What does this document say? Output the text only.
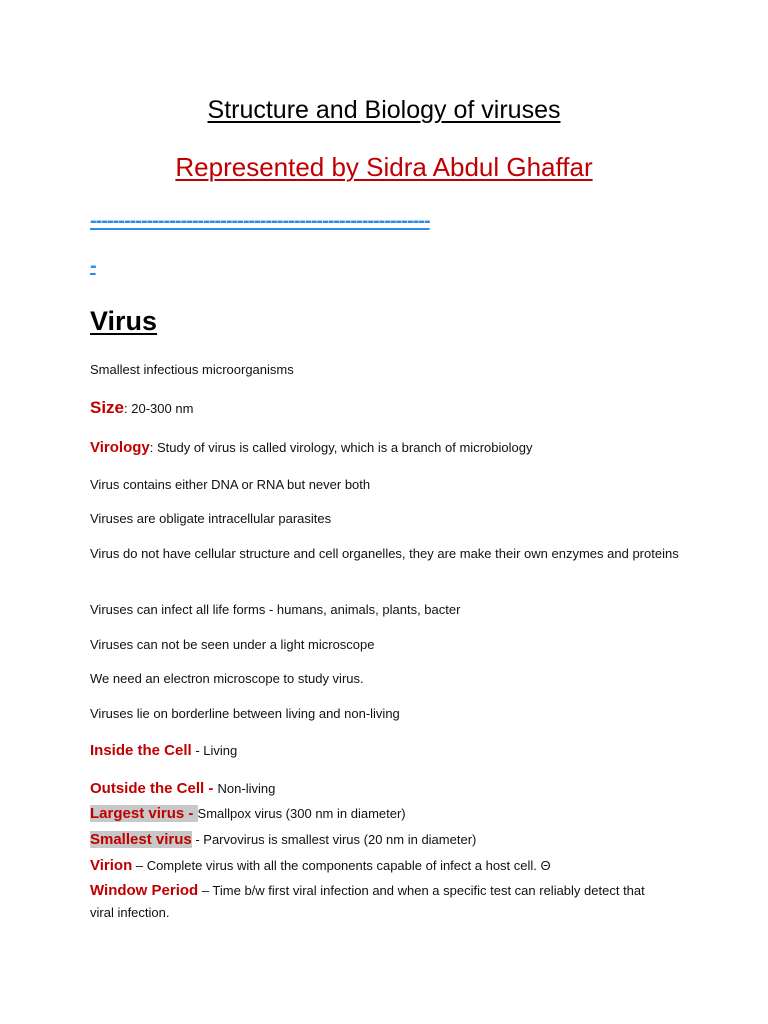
Structure and Biology of viruses
Represented by Sidra Abdul Ghaffar
------------------------------------------------------------
-
Virus
Smallest infectious microorganisms
Size: 20-300 nm
Virology: Study of virus is called virology, which is a branch of microbiology
Virus contains either DNA or RNA but never both
Viruses are obligate intracellular parasites
Virus do not have cellular structure and cell organelles, they are make their own enzymes and proteins
Viruses can infect all life forms - humans, animals, plants, bacter
Viruses can not be seen under a light microscope
We need an electron microscope to study virus.
Viruses lie on borderline between living and non-living
Inside the Cell - Living
Outside the Cell - Non-living
Largest virus - Smallpox virus (300 nm in diameter)
Smallest virus - Parvovirus is smallest virus (20 nm in diameter)
Virion – Complete virus with all the components capable of infect a host cell. Θ
Window Period – Time b/w first viral infection and when a specific test can reliably detect that viral infection.
